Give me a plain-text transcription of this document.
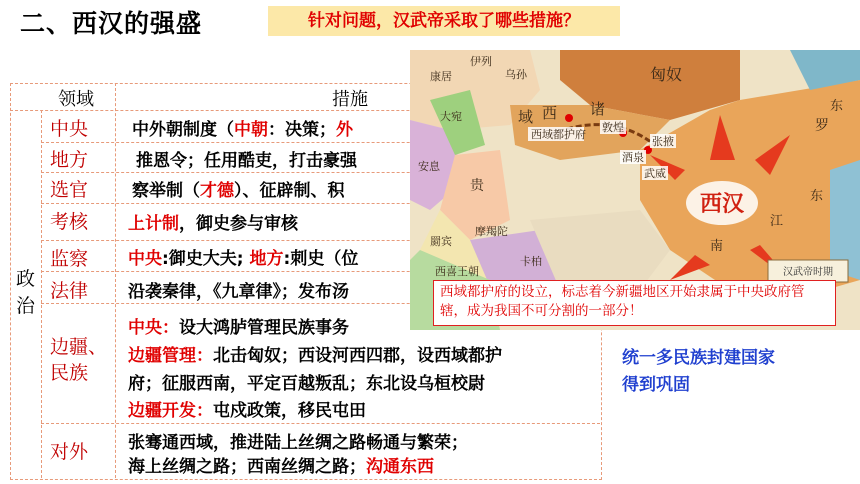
二、西汉的强盛	针对问题，汉武帝采取了哪些措施？
领域	措施
政治
中央	中外朝制度（中朝：决策；外
地方	推恩令；任用酷吏，打击豪强
选官	察举制（才德）、征辟制、积
考核 上计制，御史参与审核
监察 中央:御史大夫; 地方:刺史（位
法律 沿袭秦律，《九章律》；发布汤
边疆、
民族
中央：设大鸿胪管理民族事务
边疆管理：北击匈奴；西设河西四郡，设西域都护
府；征服西南，平定百越叛乱；东北设乌桓校尉
边疆开发：屯戍政策，移民屯田
对外 张骞通西域，推进陆上丝绸之路畅通与繁荣；
海上丝绸之路；西南丝绸之路；沟通东西
统一多民族封建国家
得到巩固
汉武帝时期
西域都护府
敦煌
张掖
酒泉
武威
匈奴
西
域	诸
大宛
康居	乌孙
伊列
安息
贵
罽宾
摩羯陀
西喜王朝
卡柏
罗
南
东
江
东
西汉
西域都护府的设立，标志着今新疆地区开始隶属于中央政府管辖，成为我国不可分割的一部分！
